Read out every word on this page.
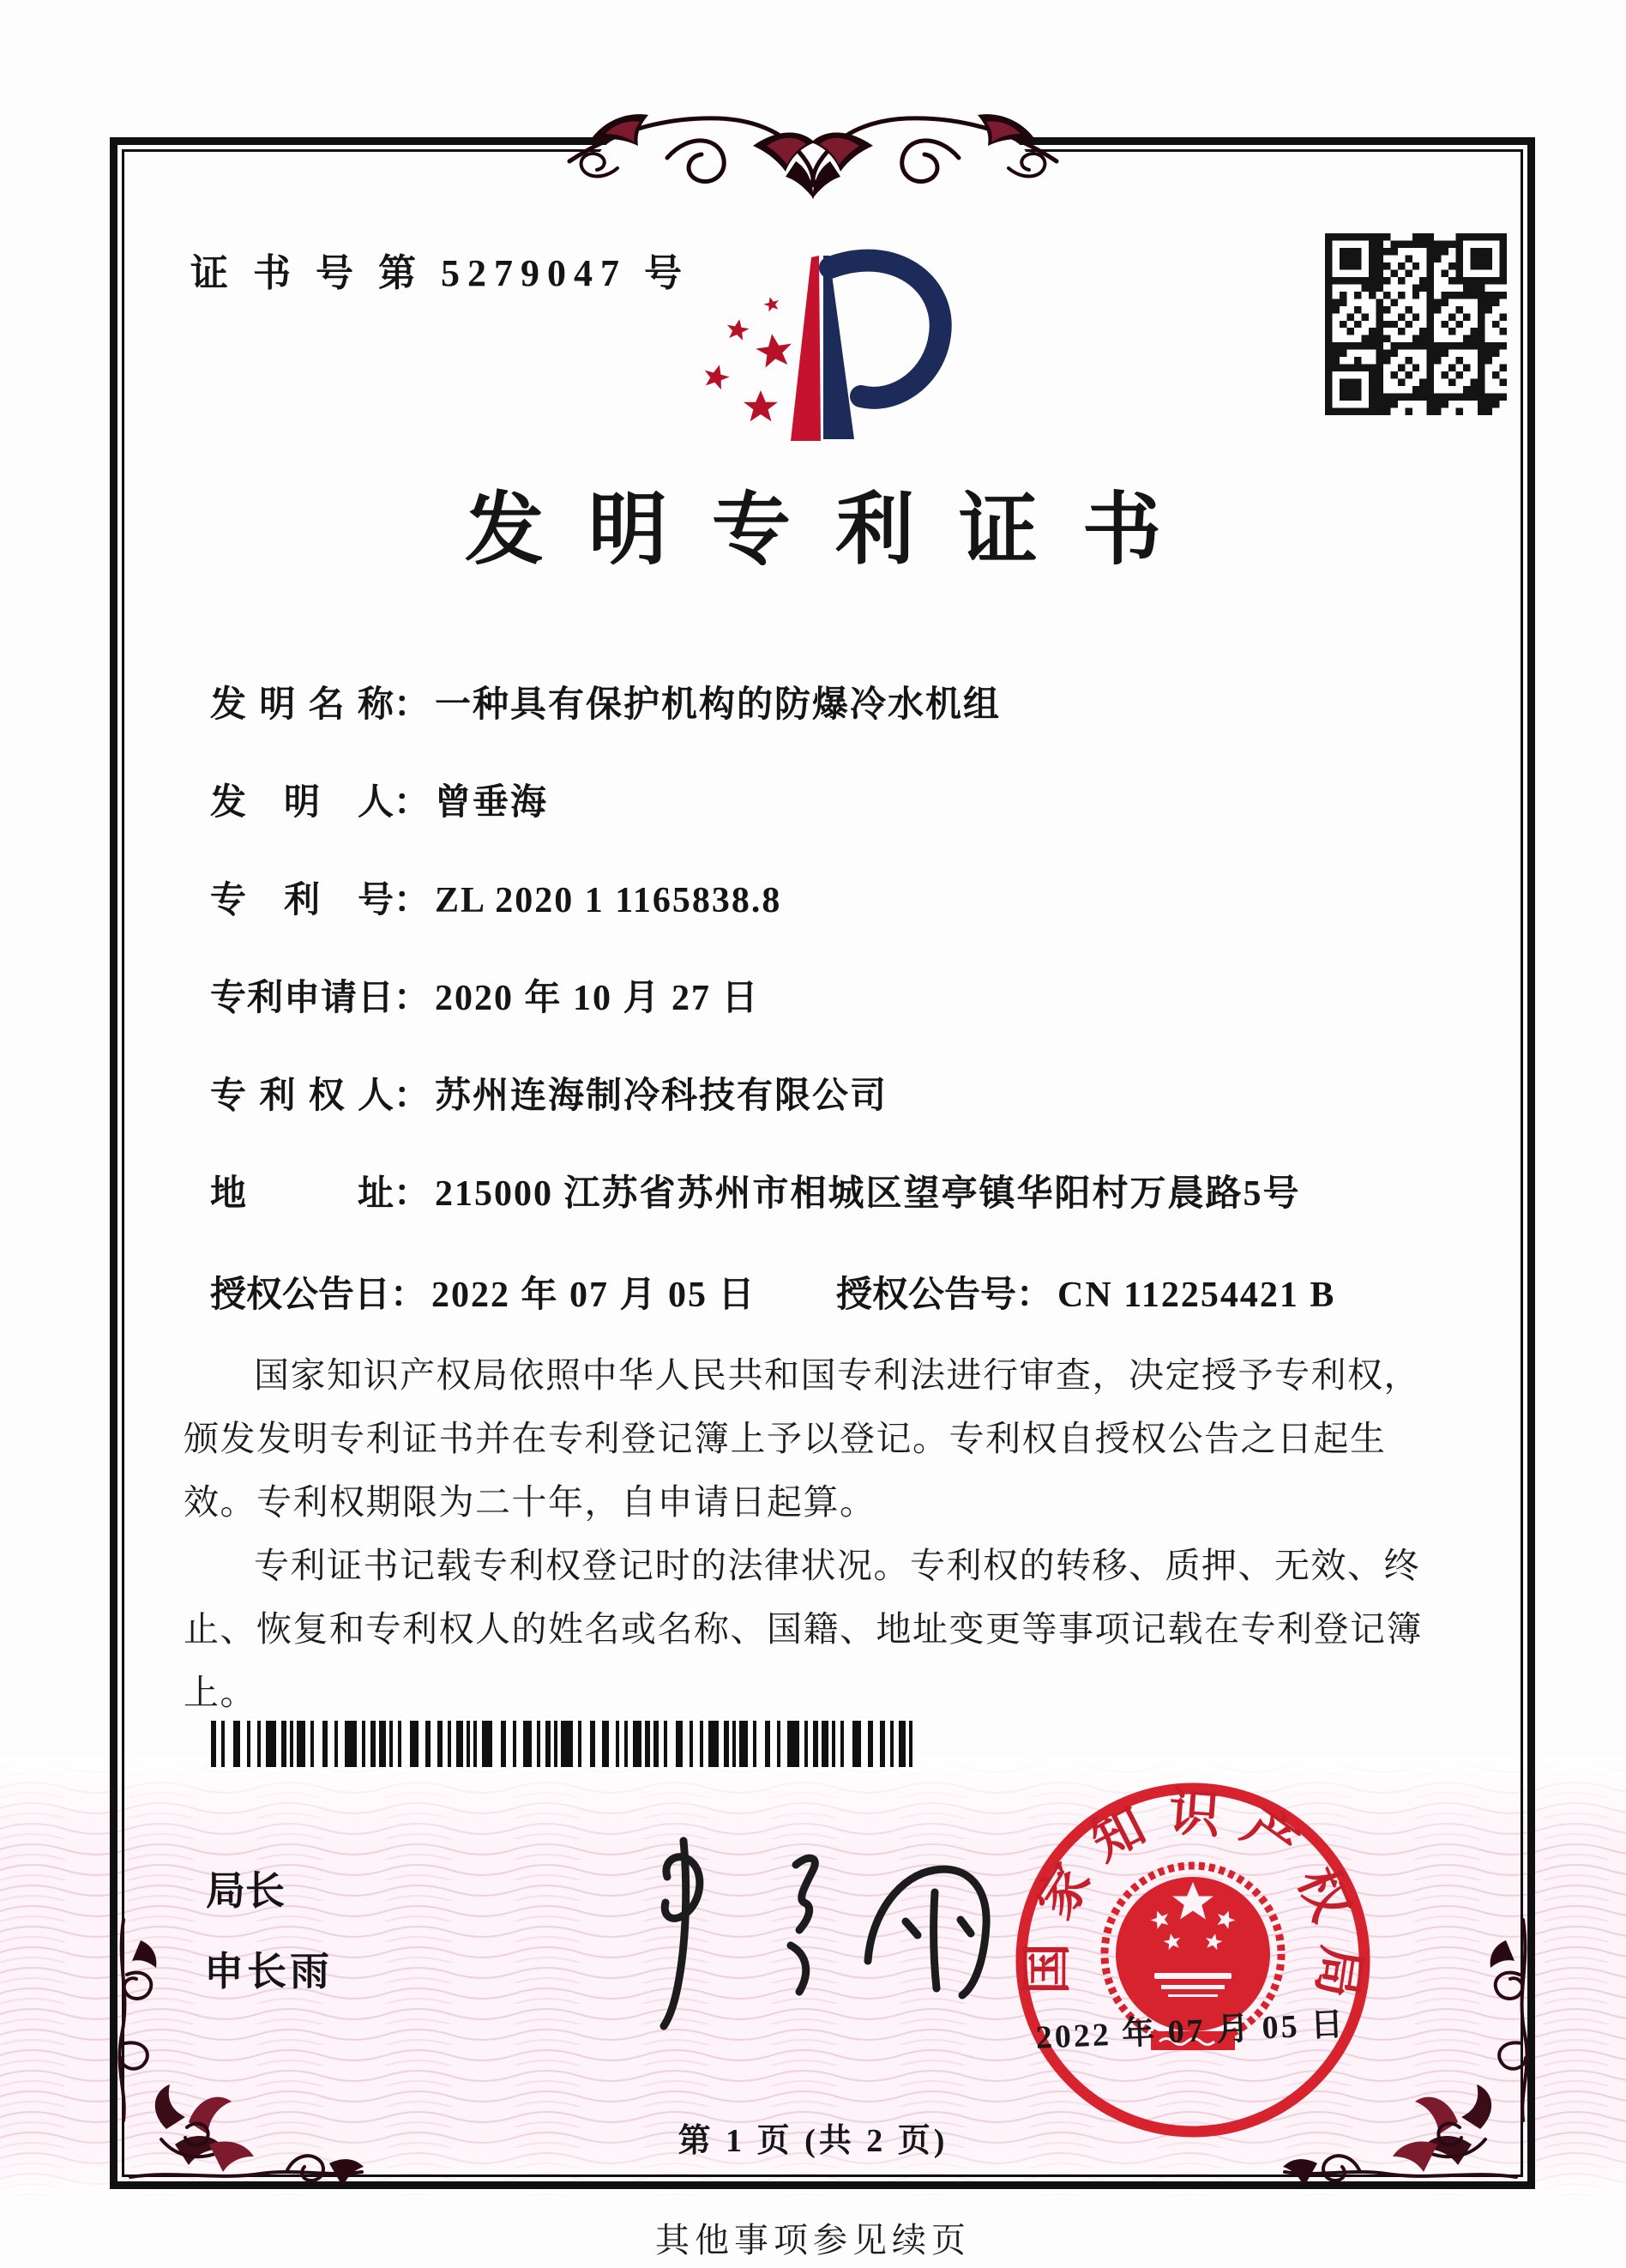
证 书 号 第 5279047 号
发明专利证书
发明名称： 一种具有保护机构的防爆冷水机组
发明人： 曾垂海
专利号： ZL 2020 1 1165838.8
专利申请日： 2020 年 10 月 27 日
专利权人： 苏州连海制冷科技有限公司
地址： 215000 江苏省苏州市相城区望亭镇华阳村万晨路5号
授权公告日： 2022 年 07 月 05 日 授权公告号： CN 112254421 B

国家知识产权局依照中华人民共和国专利法进行审查，决定授予专利权，颁发发明专利证书并在专利登记簿上予以登记。专利权自授权公告之日起生效。专利权期限为二十年，自申请日起算。

专利证书记载专利权登记时的法律状况。专利权的转移、质押、无效、终止、恢复和专利权人的姓名或名称、国籍、地址变更等事项记载在专利登记簿上。

局长
申长雨	国家知识产权局
2022 年 07 月 05 日
第 1 页 (共 2 页)
其他事项参见续页
